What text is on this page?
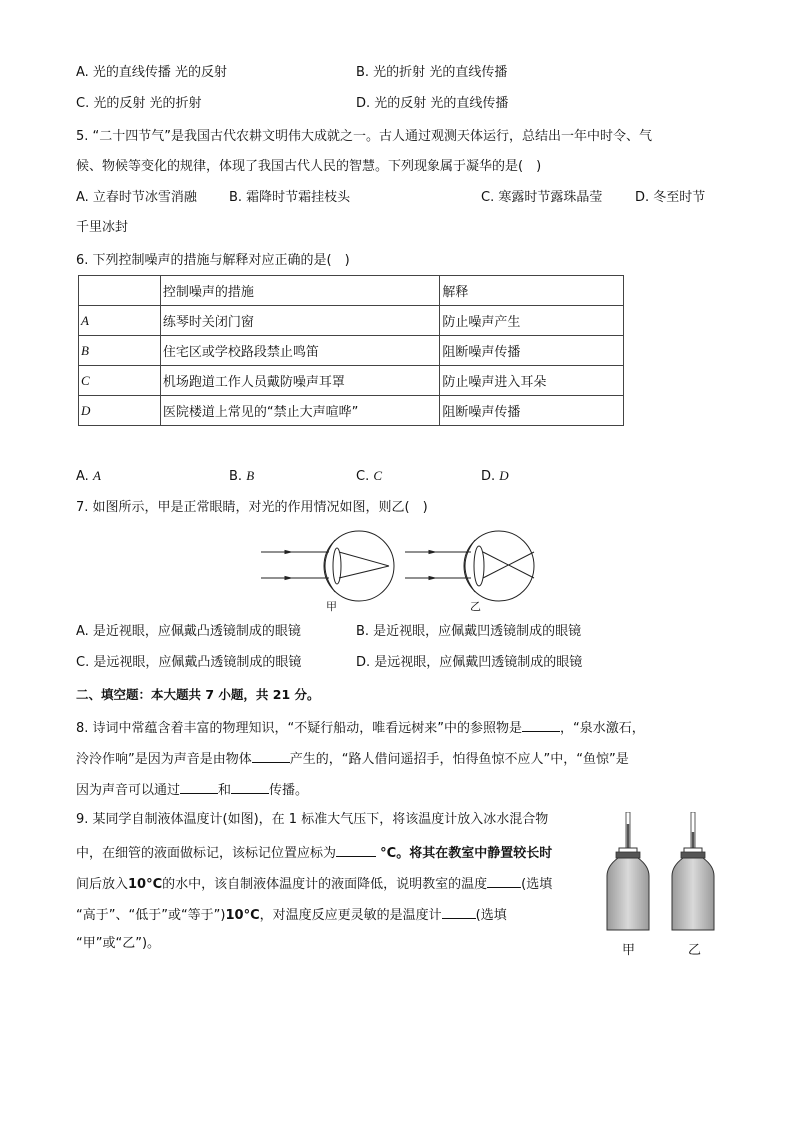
A. 光的直线传播 光的反射	B. 光的折射 光的直线传播
C. 光的反射 光的折射	D. 光的反射 光的直线传播
5. “二十四节气”是我国古代农耕文明伟大成就之一。古人通过观测天体运行，总结出一年中时令、气
候、物候等变化的规律，体现了我国古代人民的智慧。下列现象属于凝华的是(　)
A. 立春时节冰雪消融 B. 霜降时节霜挂枝头	C. 寒露时节露珠晶莹	D. 冬至时节
千里冰封
6. 下列控制噪声的措施与解释对应正确的是(　)
	控制噪声的措施	解释
A	练琴时关闭门窗	防止噪声产生
B	住宅区或学校路段禁止鸣笛	阻断噪声传播
C	机场跑道工作人员戴防噪声耳罩	防止噪声进入耳朵
D	医院楼道上常见的“禁止大声喧哗”	阻断噪声传播
A. A	B. B	C. C	D. D
7. 如图所示，甲是正常眼睛，对光的作用情况如图，则乙(　)
甲	乙
A. 是近视眼，应佩戴凸透镜制成的眼镜	B. 是近视眼，应佩戴凹透镜制成的眼镜
C. 是远视眼，应佩戴凸透镜制成的眼镜	D. 是远视眼，应佩戴凹透镜制成的眼镜
二、填空题：本大题共 7 小题，共 21 分。
8. 诗词中常蕴含着丰富的物理知识，“不疑行船动，唯看远树来”中的参照物是	，“泉水激石，
泠泠作响”是因为声音是由物体	产生的，“路人借问遥招手，怕得鱼惊不应人”中，“鱼惊”是
因为声音可以通过	和	传播。
9. 某同学自制液体温度计(如图)，在 1 标准大气压下，将该温度计放入冰水混合物
中，在细管的液面做标记，该标记位置应标为	°C。将其在教室中静置较长时
间后放入10°C的水中，该自制液体温度计的液面降低，说明教室的温度	(选填
“高于”、“低于”或“等于”)10°C，对温度反应更灵敏的是温度计	(选填
“甲”或“乙”)。	甲	乙
